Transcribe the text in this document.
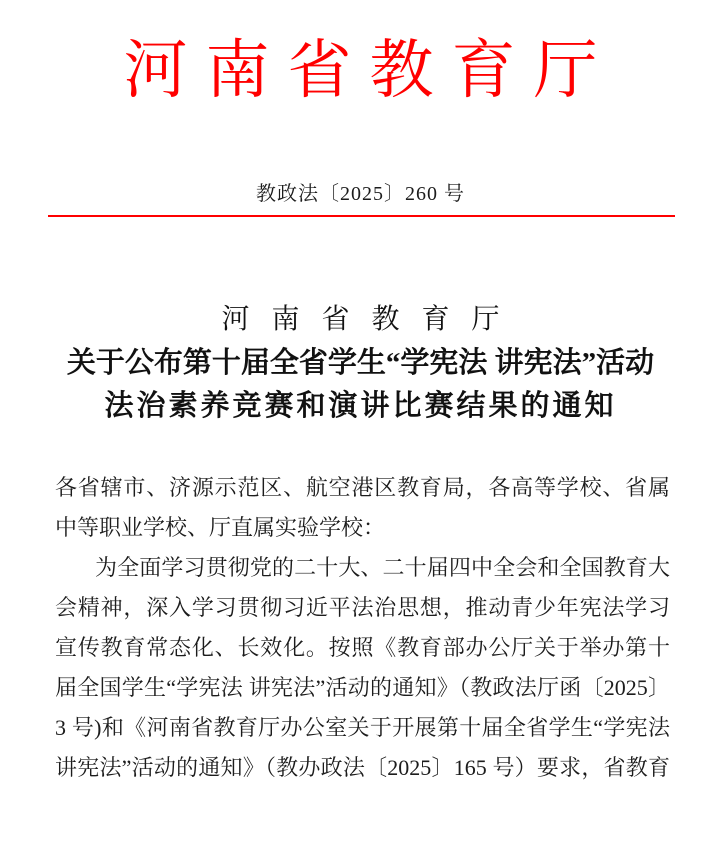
河南省教育厅
教政法〔2025〕260 号
河南省教育厅
关于公布第十届全省学生“学宪法 讲宪法”活动
法治素养竞赛和演讲比赛结果的通知

各省辖市、济源示范区、航空港区教育局，各高等学校、省属中等职业学校、厅直属实验学校：

为全面学习贯彻党的二十大、二十届四中全会和全国教育大会精神，深入学习贯彻习近平法治思想，推动青少年宪法学习宣传教育常态化、长效化。按照《教育部办公厅关于举办第十届全国学生“学宪法 讲宪法”活动的通知》（教政法厅函〔2025〕3 号)和《河南省教育厅办公室关于开展第十届全省学生“学宪法 讲宪法”活动的通知》（教办政法〔2025〕165 号）要求，省教育
